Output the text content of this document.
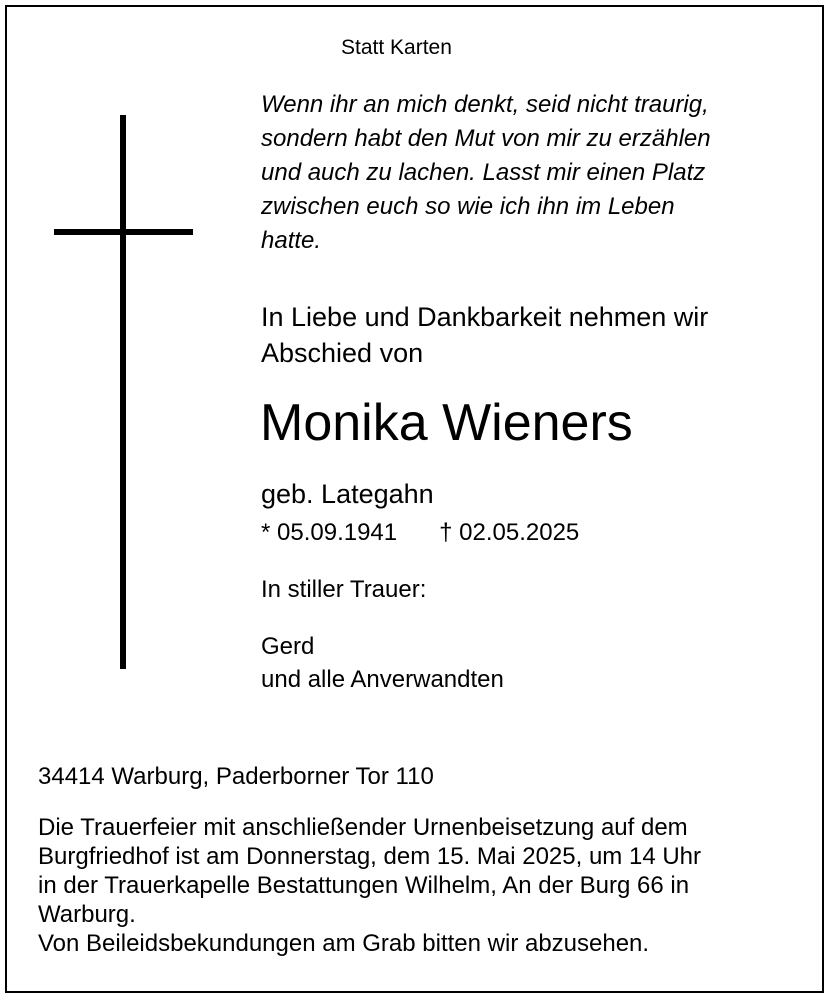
Statt Karten
Wenn ihr an mich denkt, seid nicht traurig,
sondern habt den Mut von mir zu erzählen
und auch zu lachen. Lasst mir einen Platz
zwischen euch so wie ich ihn im Leben
hatte.
In Liebe und Dankbarkeit nehmen wir
Abschied von
Monika Wieners
geb. Lategahn
* 05.09.1941 † 02.05.2025
In stiller Trauer:
Gerd
und alle Anverwandten
34414 Warburg, Paderborner Tor 110
Die Trauerfeier mit anschließender Urnenbeisetzung auf dem
Burgfriedhof ist am Donnerstag, dem 15. Mai 2025, um 14 Uhr
in der Trauerkapelle Bestattungen Wilhelm, An der Burg 66 in
Warburg.
Von Beileidsbekundungen am Grab bitten wir abzusehen.
